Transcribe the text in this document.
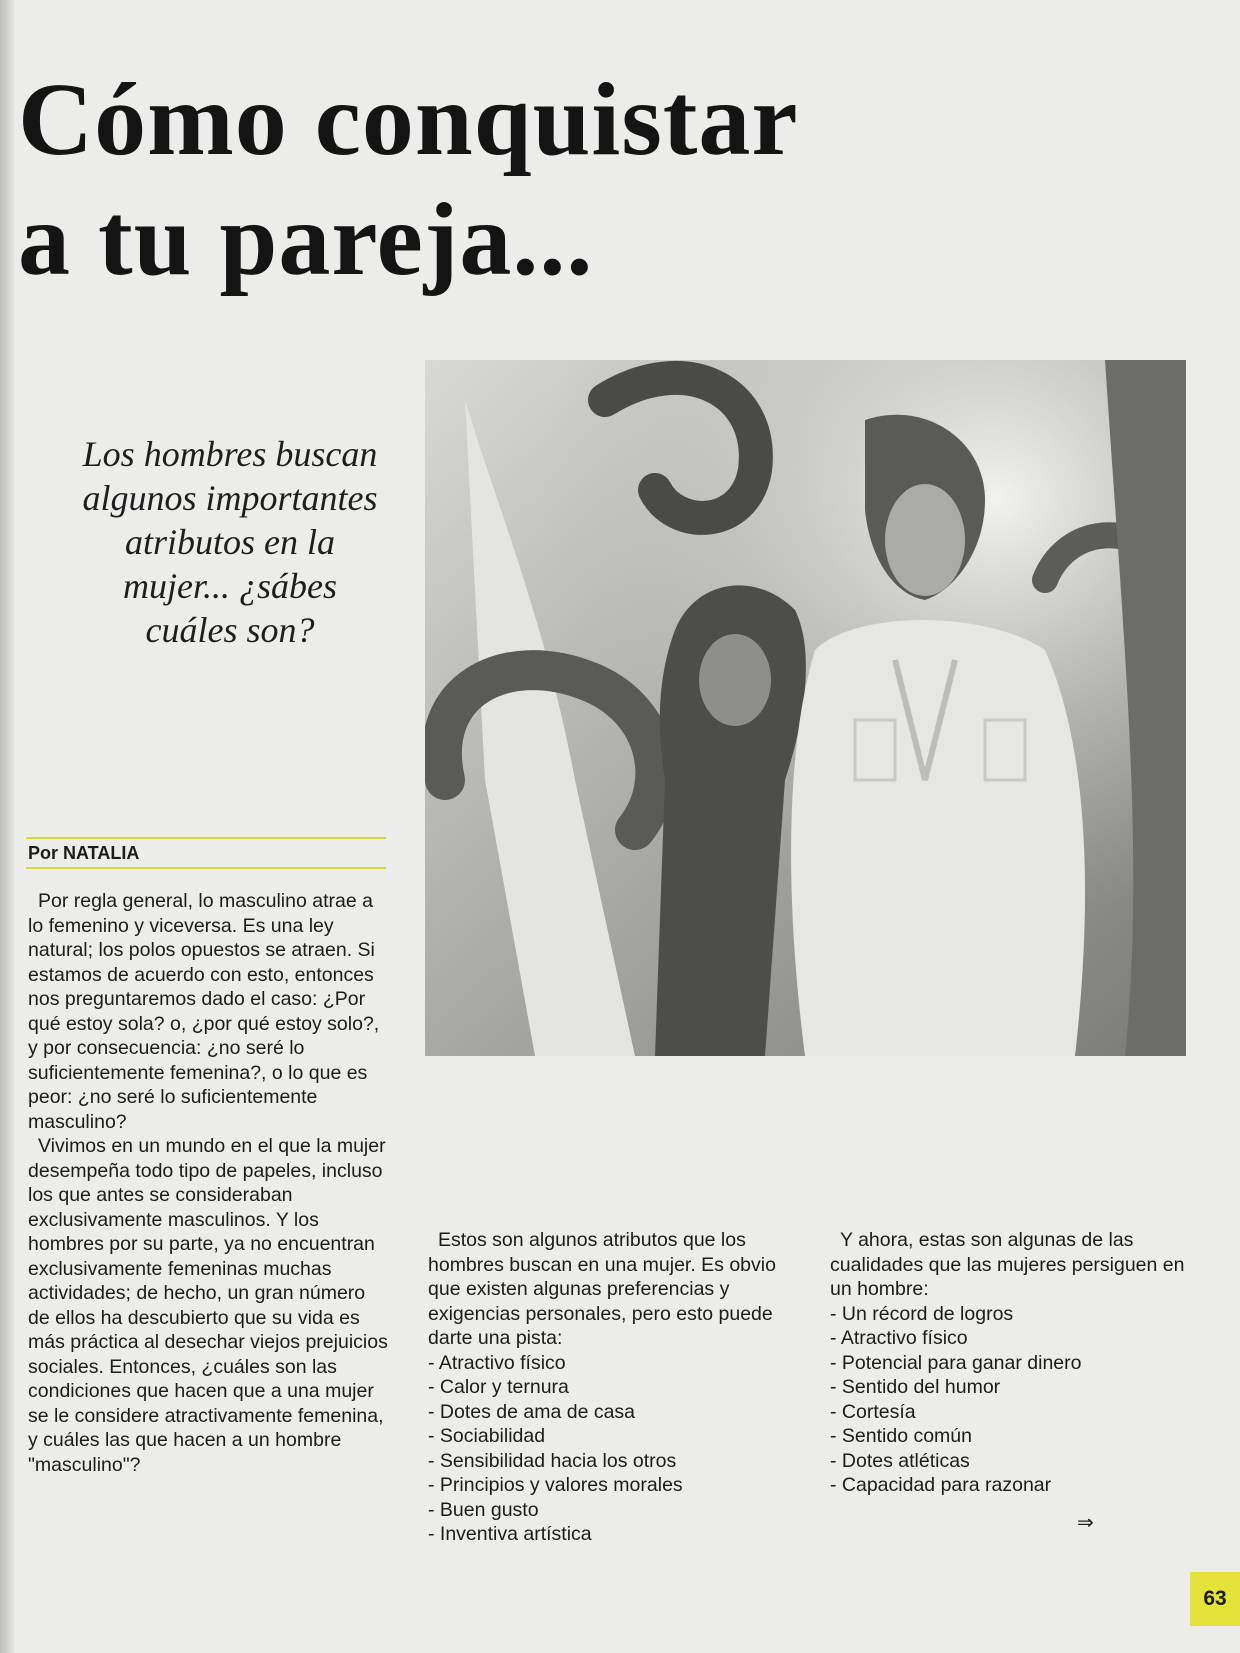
Cómo conquistar
a tu pareja...
Los hombres buscan algunos importantes atributos en la mujer... ¿sábes cuáles son?
Por NATALIA

Por regla general, lo masculino atrae a lo femenino y viceversa. Es una ley natural; los polos opuestos se atraen. Si estamos de acuerdo con esto, entonces nos preguntaremos dado el caso: ¿Por qué estoy sola? o, ¿por qué estoy solo?, y por consecuencia: ¿no seré lo suficientemente femenina?, o lo que es peor: ¿no seré lo suficientemente masculino?

Vivimos en un mundo en el que la mujer desempeña todo tipo de papeles, incluso los que antes se consideraban exclusivamente masculinos. Y los hombres por su parte, ya no encuentran exclusivamente femeninas muchas actividades; de hecho, un gran número de ellos ha descubierto que su vida es más práctica al desechar viejos prejuicios sociales. Entonces, ¿cuáles son las condiciones que hacen que a una mujer se le considere atractivamente femenina, y cuáles las que hacen a un hombre "masculino"?

Estos son algunos atributos que los hombres buscan en una mujer. Es obvio que existen algunas preferencias y exigencias personales, pero esto puede darte una pista:

- Atractivo físico
- Calor y ternura
- Dotes de ama de casa
- Sociabilidad
- Sensibilidad hacia los otros
- Principios y valores morales
- Buen gusto
- Inventiva artística

Y ahora, estas son algunas de las cualidades que las mujeres persiguen en un hombre:

- Un récord de logros
- Atractivo físico
- Potencial para ganar dinero
- Sentido del humor
- Cortesía
- Sentido común
- Dotes atléticas
- Capacidad para razonar
⇒
63
